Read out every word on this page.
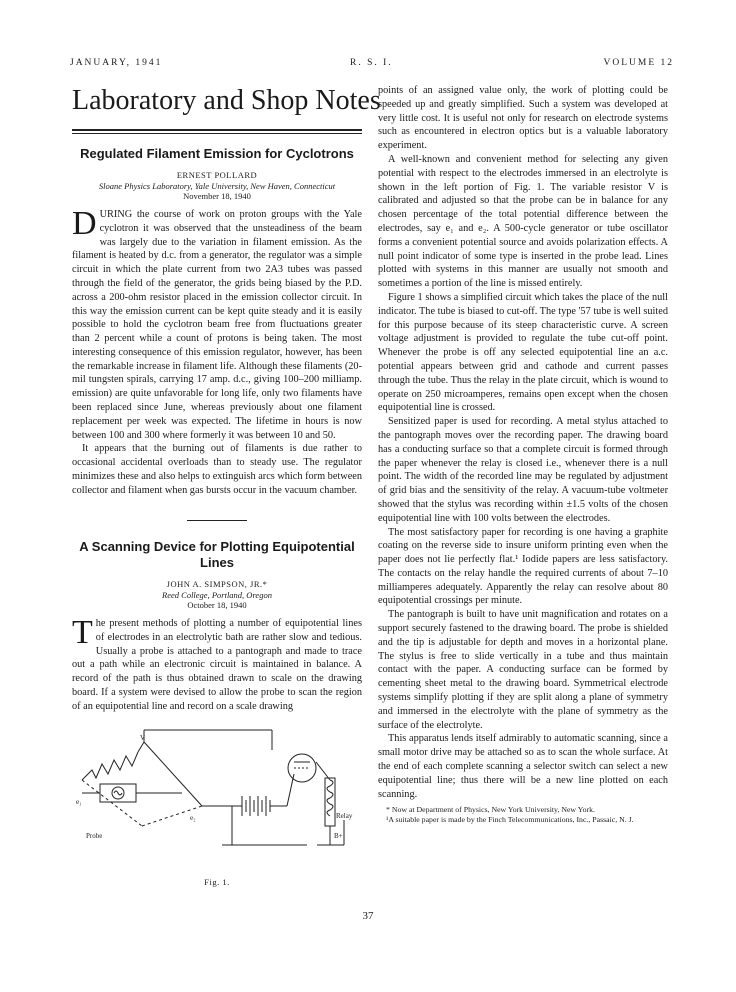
JANUARY, 1941	R. S. I.	VOLUME 12
Laboratory and Shop Notes
Regulated Filament Emission for Cyclotrons

ERNEST POLLARD

Sloane Physics Laboratory, Yale University, New Haven, Connecticut

November 18, 1940

DURING the course of work on proton groups with the Yale cyclotron it was observed that the unsteadiness of the beam was largely due to the variation in filament emission. As the filament is heated by d.c. from a generator, the regulator was a simple circuit in which the plate current from two 2A3 tubes was passed through the field of the generator, the grids being biased by the P.D. across a 200-ohm resistor placed in the emission collector circuit. In this way the emission current can be kept quite steady and it is easily possible to hold the cyclotron beam free from fluctuations greater than 2 percent while a count of protons is being taken. The most interesting consequence of this emission regulator, however, has been the remarkable increase in filament life. Although these filaments (20-mil tungsten spirals, carrying 17 amp. d.c., giving 100–200 milliamp. emission) are quite unfavorable for long life, only two filaments have been replaced since June, whereas previously about one filament replacement per week was expected. The lifetime in hours is now between 100 and 300 where formerly it was between 10 and 50.

It appears that the burning out of filaments is due rather to occasional accidental overloads than to steady use. The regulator minimizes these and also helps to extinguish arcs which form between collector and filament when gas bursts occur in the vacuum chamber.

A Scanning Device for Plotting Equipotential Lines

JOHN A. SIMPSON, JR.*

Reed College, Portland, Oregon

October 18, 1940

The present methods of plotting a number of equipotential lines of electrodes in an electrolytic bath are rather slow and tedious. Usually a probe is attached to a pantograph and made to trace out a path while an electronic circuit is maintained in balance. A record of the path is thus obtained drawn to scale on the drawing board. If a system were devised to allow the probe to scan the region of an equipotential line and record on a scale drawing

V
e₁
e₂
Probe
Relay
B+
Fig. 1.

points of an assigned value only, the work of plotting could be speeded up and greatly simplified. Such a system was developed at very little cost. It is useful not only for research on electrode systems such as encountered in electron optics but is a valuable laboratory experiment.

A well-known and convenient method for selecting any given potential with respect to the electrodes immersed in an electrolyte is shown in the left portion of Fig. 1. The variable resistor V is calibrated and adjusted so that the probe can be in balance for any chosen percentage of the total potential difference between the electrodes, say e₁ and e₂. A 500-cycle generator or tube oscillator forms a convenient potential source and avoids polarization effects. A null point indicator of some type is inserted in the probe lead. Lines plotted with systems in this manner are usually not smooth and sometimes a portion of the line is missed entirely.

Figure 1 shows a simplified circuit which takes the place of the null indicator. The tube is biased to cut-off. The type '57 tube is well suited for this purpose because of its steep characteristic curve. A screen voltage adjustment is provided to regulate the tube cut-off point. Whenever the probe is off any selected equipotential line an a.c. potential appears between grid and cathode and current passes through the tube. Thus the relay in the plate circuit, which is wound to operate on 250 microamperes, remains open except when the chosen equipotential line is crossed.

Sensitized paper is used for recording. A metal stylus attached to the pantograph moves over the recording paper. The drawing board has a conducting surface so that a complete circuit is formed through the paper whenever the relay is closed i.e., whenever there is a null point. The width of the recorded line may be regulated by adjustment of grid bias and the sensitivity of the relay. A vacuum-tube voltmeter showed that the stylus was recording within ±1.5 volts of the chosen equipotential line with 100 volts between the electrodes.

The most satisfactory paper for recording is one having a graphite coating on the reverse side to insure uniform printing even when the paper does not lie perfectly flat.¹ Iodide papers are less satisfactory. The contacts on the relay handle the required currents of about 7–10 milliamperes adequately. Apparently the relay can resolve about 80 equipotential crossings per minute.

The pantograph is built to have unit magnification and rotates on a support securely fastened to the drawing board. The probe is shielded and the tip is adjustable for depth and moves in a horizontal plane. The stylus is free to slide vertically in a tube and thus maintain contact with the paper. A conducting surface can be formed by cementing sheet metal to the drawing board. Symmetrical electrode systems simplify plotting if they are split along a plane of symmetry and immersed in the electrolyte with the plane of symmetry as the surface of the electrolyte.

This apparatus lends itself admirably to automatic scanning, since a small motor drive may be attached so as to scan the whole surface. At the end of each complete scanning a selector switch can select a new equipotential line; thus there will be a new line plotted on each scanning.

* Now at Department of Physics, New York University, New York.

¹A suitable paper is made by the Finch Telecommunications, Inc., Passaic, N. J.

37
